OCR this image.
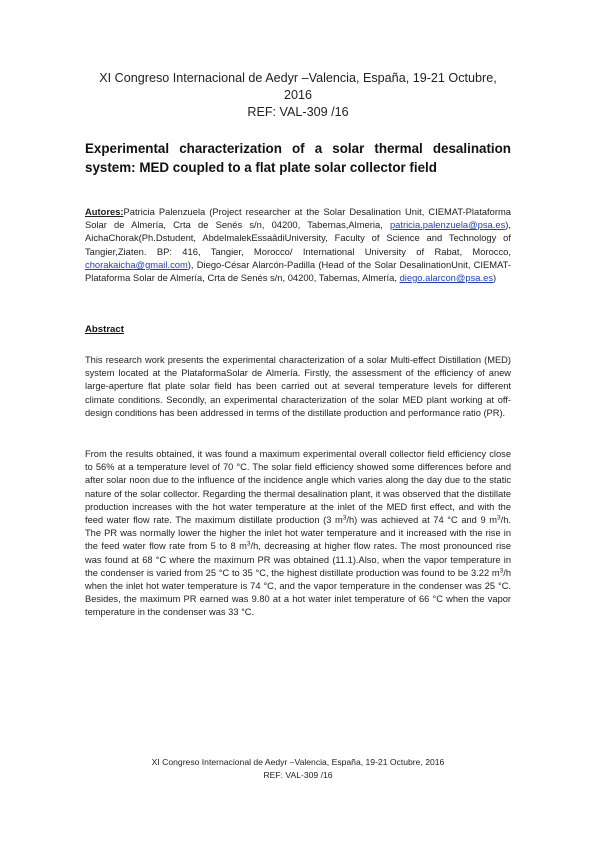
XI Congreso Internacional de Aedyr –Valencia, España, 19-21 Octubre,
2016
REF: VAL-309 /16
Experimental characterization of a solar thermal desalination system: MED coupled to a flat plate solar collector field
Autores:Patricia Palenzuela (Project researcher at the Solar Desalination Unit, CIEMAT-Plataforma Solar de Almería, Crta de Senés s/n, 04200, Tabernas,Almeria, patricia.palenzuela@psa.es), AichaChorak(Ph.Dstudent, AbdelmalekEssaâdiUniversity, Faculty of Science and Technology of Tangier,Ziaten. BP: 416, Tangier, Morocco/ International University of Rabat, Morocco, chorakaicha@gmail.com), Diego-César Alarcón-Padilla (Head of the Solar DesalinationUnit, CIEMAT-Plataforma Solar de Almería, Crta de Senés s/n, 04200, Tabernas, Almería, diego.alarcon@psa.es)
Abstract
This research work presents the experimental characterization of a solar Multi-effect Distillation (MED) system located at the PlataformaSolar de Almería. Firstly, the assessment of the efficiency of anew large-aperture flat plate solar field has been carried out at several temperature levels for different climate conditions. Secondly, an experimental characterization of the solar MED plant working at off-design conditions has been addressed in terms of the distillate production and performance ratio (PR).
From the results obtained, it was found a maximum experimental overall collector field efficiency close to 56% at a temperature level of 70 °C. The solar field efficiency showed some differences before and after solar noon due to the influence of the incidence angle which varies along the day due to the static nature of the solar collector. Regarding the thermal desalination plant, it was observed that the distillate production increases with the hot water temperature at the inlet of the MED first effect, and with the feed water flow rate. The maximum distillate production (3 $m^3/h$) was achieved at 74 °C and 9 $m^3/h$. The PR was normally lower the higher the inlet hot water temperature and it increased with the rise in the feed water flow rate from 5 to 8 $m^3/h$, decreasing at higher flow rates. The most pronounced rise was found at 68 °C where the maximum PR was obtained (11.1).Also, when the vapor temperature in the condenser is varied from 25 °C to 35 °C, the highest distillate production was found to be 3.22 $m^3/h$ when the inlet hot water temperature is 74 °C, and the vapor temperature in the condenser was 25 °C. Besides, the maximum PR earned was 9.80 at a hot water inlet temperature of 66 °C when the vapor temperature in the condenser was 33 °C.
XI Congreso Internacional de Aedyr –Valencia, España, 19-21 Octubre, 2016
REF: VAL-309 /16
